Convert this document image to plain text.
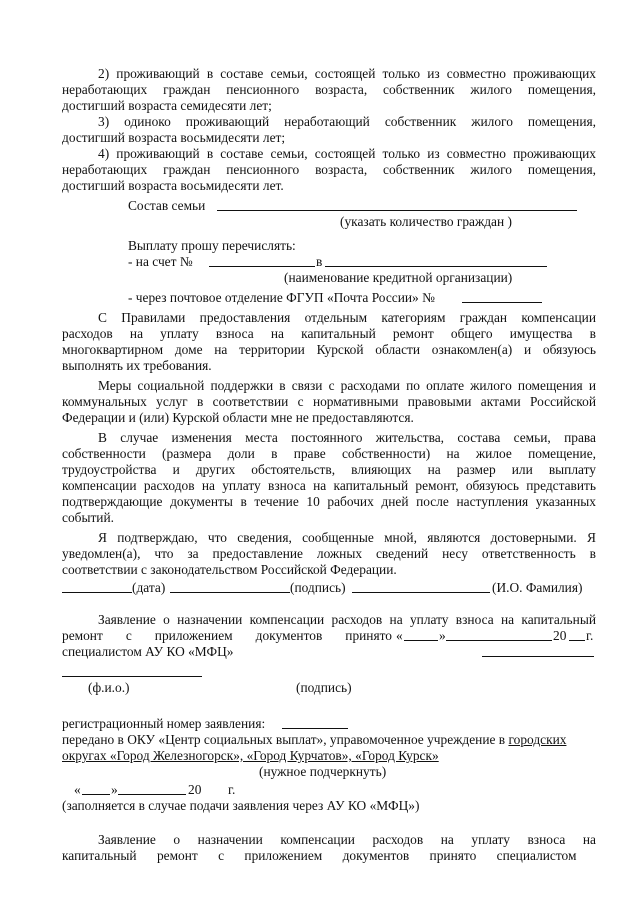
2) проживающий в составе семьи, состоящей только из совместно проживающих

неработающих граждан пенсионного возраста, собственник жилого помещения,

достигший возраста семидесяти лет;

3) одиноко проживающий неработающий собственник жилого помещения,

достигший возраста восьмидесяти лет;

4) проживающий в составе семьи, состоящей только из совместно проживающих

неработающих граждан пенсионного возраста, собственник жилого помещения,

достигший возраста восьмидесяти лет.

Состав семьи
(указать количество граждан )
Выплату прошу перечислять:
- на счет №	в
(наименование кредитной организации)
- через почтовое отделение ФГУП «Почта России» №

С Правилами предоставления отдельным категориям граждан компенсации

расходов на уплату взноса на капитальный ремонт общего имущества в

многоквартирном доме на территории Курской области ознакомлен(а) и обязуюсь

выполнять их требования.

Меры социальной поддержки в связи с расходами по оплате жилого помещения и

коммунальных услуг в соответствии с нормативными правовыми актами Российской

Федерации и (или) Курской области мне не предоставляются.

В случае изменения места постоянного жительства, состава семьи, права

собственности (размера доли в праве собственности) на жилое помещение,

трудоустройства и других обстоятельств, влияющих на размер или выплату

компенсации расходов на уплату взноса на капитальный ремонт, обязуюсь представить

подтверждающие документы в течение 10 рабочих дней после наступления указанных

событий.

Я подтверждаю, что сведения, сообщенные мной, являются достоверными. Я

уведомлен(а), что за предоставление ложных сведений несу ответственность в

соответствии с законодательством Российской Федерации.

(дата)	(подпись)	(И.О. Фамилия)

Заявление о назначении компенсации расходов на уплату взноса на капитальный

ремонт с приложением документов принято «	»	20 г.
специалистом АУ КО «МФЦ»
(ф.и.о.)	(подпись)
регистрационный номер заявления:
передано в ОКУ «Центр социальных выплат», управомоченное учреждение в городских
округах «Город Железногорск», «Город Курчатов», «Город Курск»
(нужное подчеркнуть)
« »	20 г.
(заполняется в случае подачи заявления через АУ КО «МФЦ»)

Заявление о назначении компенсации расходов на уплату взноса на

капитальный ремонт с приложением документов принято специалистом
